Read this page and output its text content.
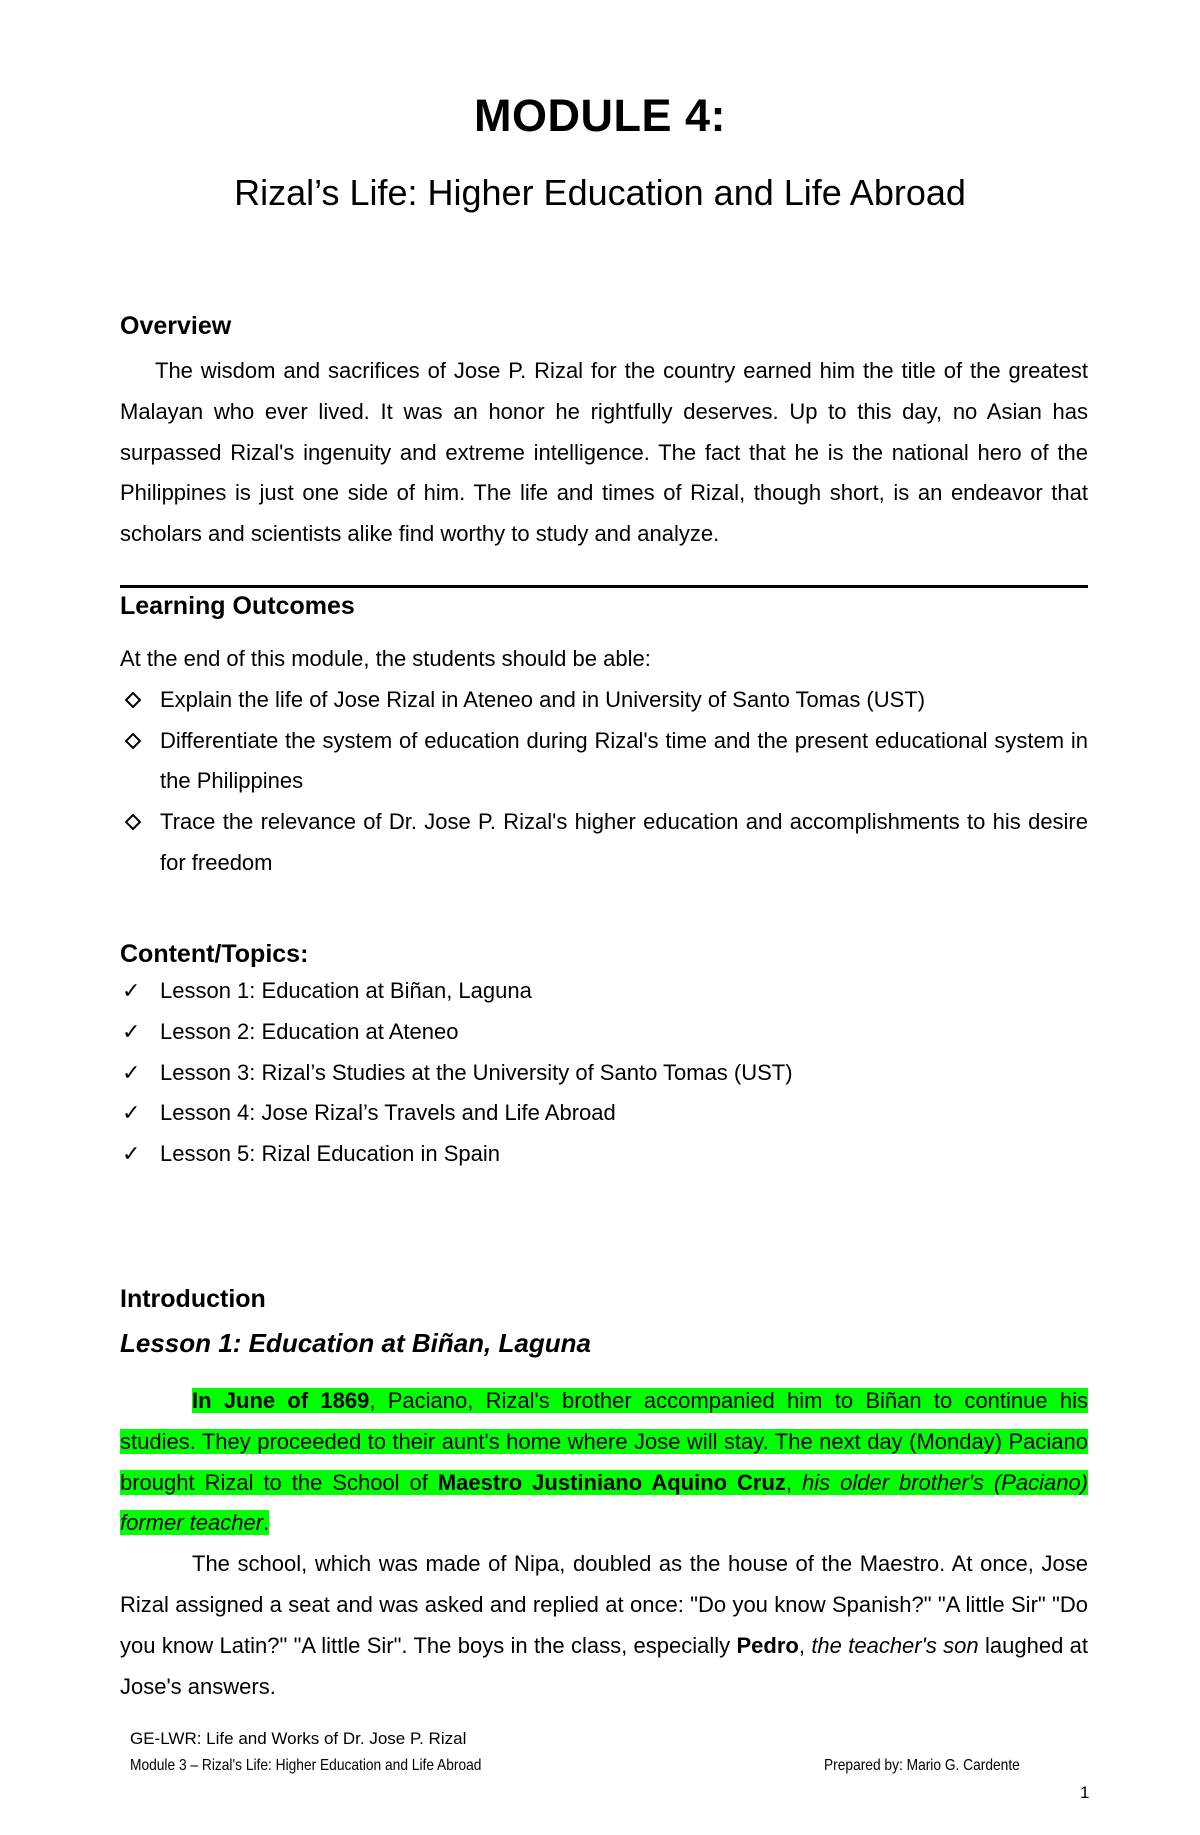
MODULE 4:
Rizal’s Life: Higher Education and Life Abroad
Overview

The wisdom and sacrifices of Jose P. Rizal for the country earned him the title of the greatest Malayan who ever lived. It was an honor he rightfully deserves. Up to this day, no Asian has surpassed Rizal's ingenuity and extreme intelligence. The fact that he is the national hero of the Philippines is just one side of him. The life and times of Rizal, though short, is an endeavor that scholars and scientists alike find worthy to study and analyze.

Learning Outcomes

At the end of this module, the students should be able:

Explain the life of Jose Rizal in Ateneo and in University of Santo Tomas (UST)
Differentiate the system of education during Rizal's time and the present educational system in the Philippines
Trace the relevance of Dr. Jose P. Rizal's higher education and accomplishments to his desire for freedom
Content/Topics:
✓ Lesson 1: Education at Biñan, Laguna
✓ Lesson 2: Education at Ateneo
✓ Lesson 3: Rizal’s Studies at the University of Santo Tomas (UST)
✓ Lesson 4: Jose Rizal’s Travels and Life Abroad
✓ Lesson 5: Rizal Education in Spain
Introduction

Lesson 1: Education at Biñan, Laguna

In June of 1869, Paciano, Rizal's brother accompanied him to Biñan to continue his studies. They proceeded to their aunt's home where Jose will stay. The next day (Monday) Paciano brought Rizal to the School of Maestro Justiniano Aquino Cruz, his older brother's (Paciano) former teacher.

The school, which was made of Nipa, doubled as the house of the Maestro. At once, Jose Rizal assigned a seat and was asked and replied at once: "Do you know Spanish?" "A little Sir" "Do you know Latin?" "A little Sir". The boys in the class, especially Pedro, the teacher's son laughed at Jose's answers.

GE-LWR: Life and Works of Dr. Jose P. Rizal
Module 3 – Rizal's Life: Higher Education and Life Abroad	Prepared by: Mario G. Cardente
1
